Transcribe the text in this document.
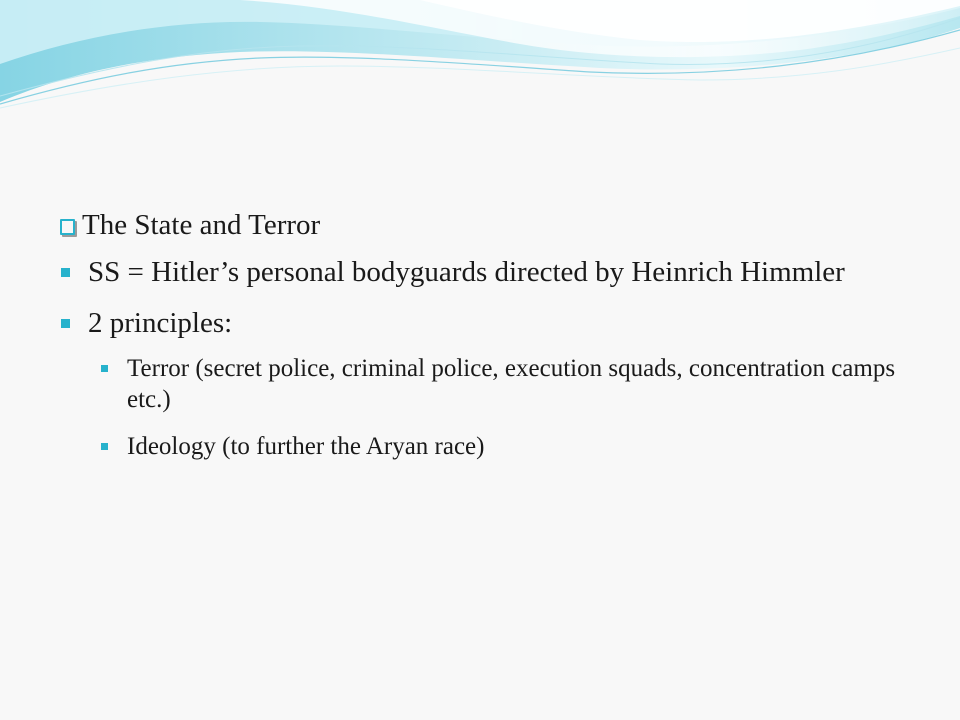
The State and Terror
SS = Hitler’s personal bodyguards directed by Heinrich Himmler
2 principles:
Terror (secret police, criminal police, execution squads, concentration camps etc.)
Ideology (to further the Aryan race)
